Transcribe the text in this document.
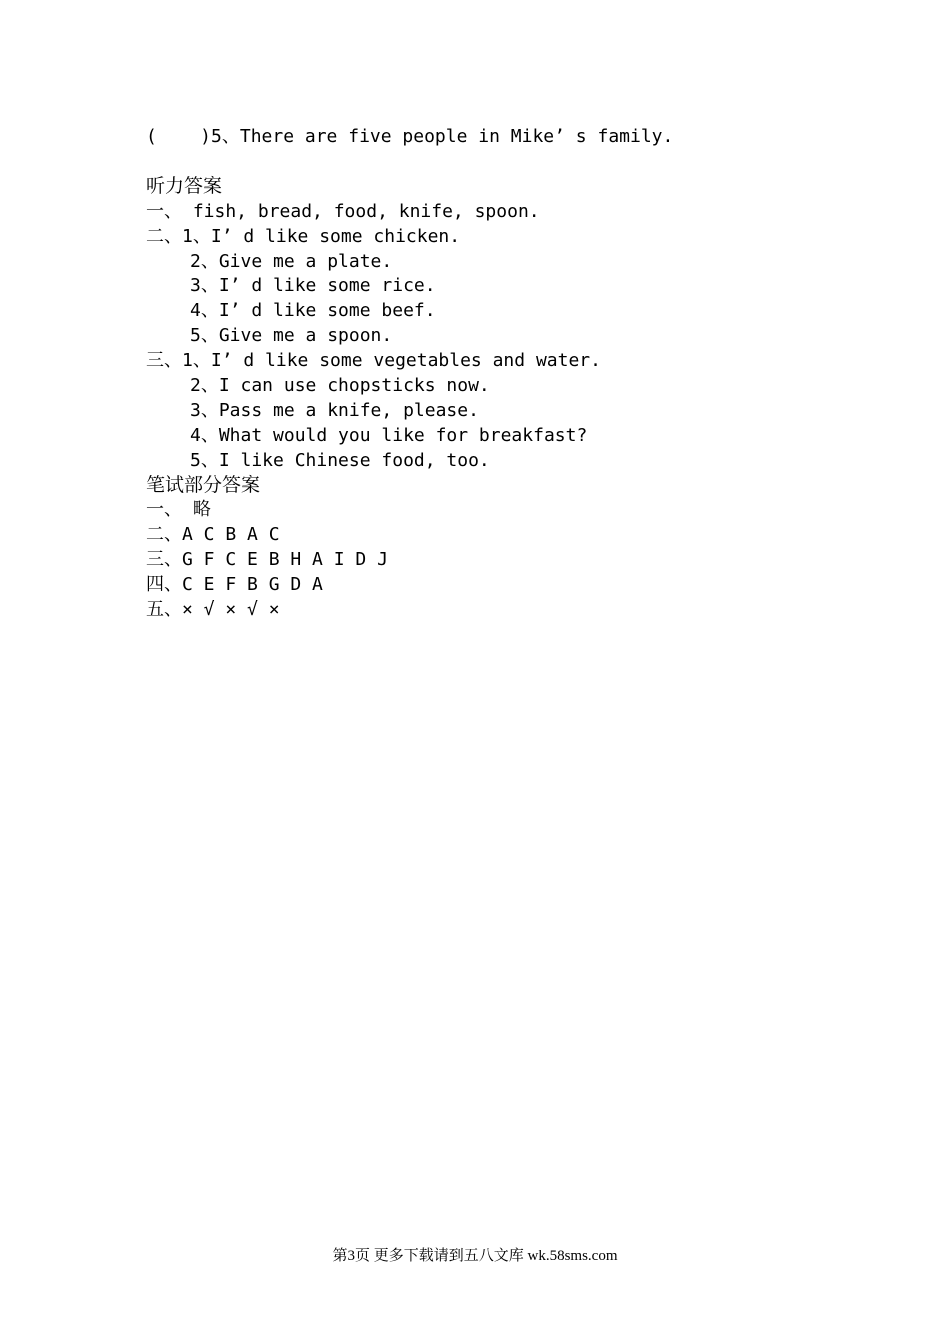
(    )5、There are five people in Mike’ s family.
听力答案
一、 fish, bread, food, knife, spoon.
二、1、I’ d like some chicken.
2、Give me a plate.
3、I’ d like some rice.
4、I’ d like some beef.
5、Give me a spoon.
三、1、I’ d like some vegetables and water.
2、I can use chopsticks now.
3、Pass me a knife, please.
4、What would you like for breakfast?
5、I like Chinese food, too.
笔试部分答案
一、 略
二、A C B A C
三、G F C E B H A I D J
四、C E F B G D A
五、× √ × √ ×
第3页 更多下载请到五八文库 wk.58sms.com
